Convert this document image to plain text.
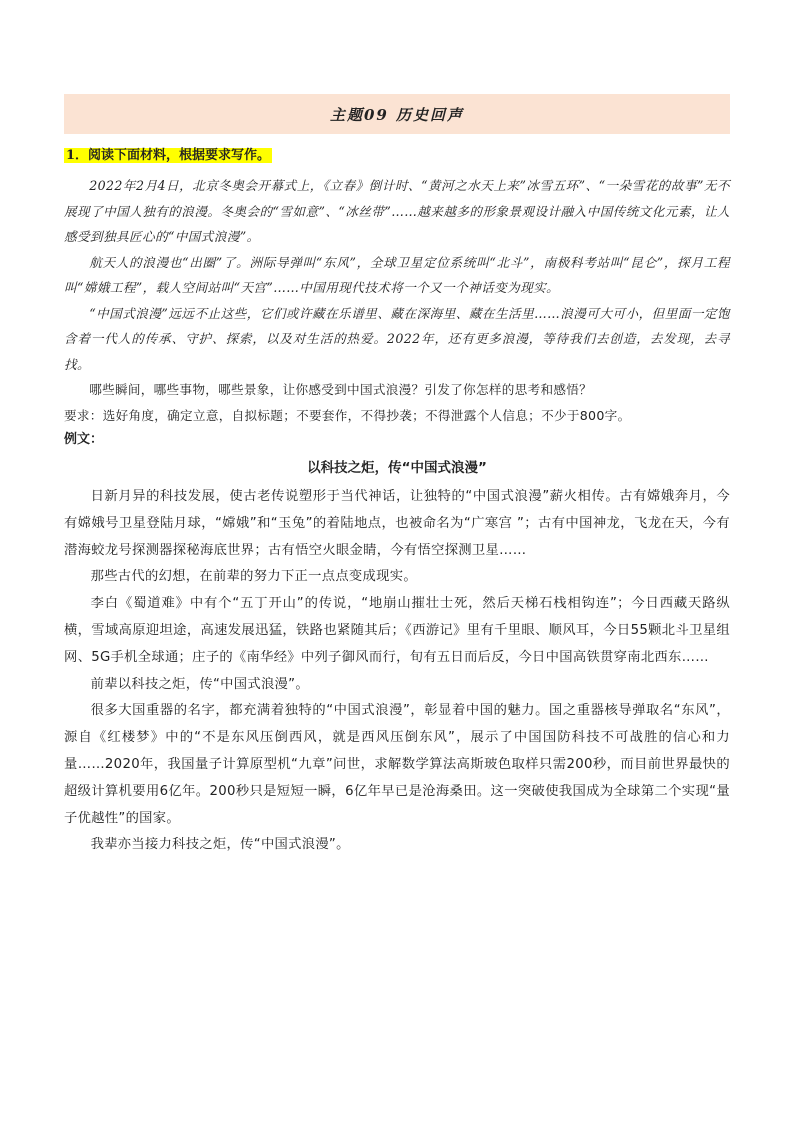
主题09 历史回声
1．阅读下面材料，根据要求写作。

2022年2月4日，北京冬奥会开幕式上，《立春》倒计时、“黄河之水天上来”冰雪五环”、“一朵雪花的故事”无不展现了中国人独有的浪漫。冬奥会的“雪如意”、“冰丝带”……越来越多的形象景观设计融入中国传统文化元素，让人感受到独具匠心的“中国式浪漫”。

航天人的浪漫也“出圈”了。洲际导弹叫“东风”，全球卫星定位系统叫“北斗”，南极科考站叫“昆仑”，探月工程叫“嫦娥工程”，载人空间站叫“天宫”……中国用现代技术将一个又一个神话变为现实。

“中国式浪漫”远远不止这些，它们或许藏在乐谱里、藏在深海里、藏在生活里……浪漫可大可小，但里面一定饱含着一代人的传承、守护、探索，以及对生活的热爱。2022年，还有更多浪漫，等待我们去创造，去发现，去寻找。

哪些瞬间，哪些事物，哪些景象，让你感受到中国式浪漫？引发了你怎样的思考和感悟？

要求：选好角度，确定立意，自拟标题；不要套作，不得抄袭；不得泄露个人信息；不少于800字。

例文：
以科技之炬，传“中国式浪漫”

日新月异的科技发展，使古老传说塑形于当代神话，让独特的“中国式浪漫”薪火相传。古有嫦娥奔月，今有嫦娥号卫星登陆月球，“嫦娥”和“玉兔”的着陆地点，也被命名为“广寒宫 ”；古有中国神龙，飞龙在天，今有潜海蛟龙号探测器探秘海底世界；古有悟空火眼金睛，今有悟空探测卫星……

那些古代的幻想，在前辈的努力下正一点点变成现实。

李白《蜀道难》中有个“五丁开山”的传说，“地崩山摧壮士死，然后天梯石栈相钩连”；今日西藏天路纵横，雪域高原迎坦途，高速发展迅猛，铁路也紧随其后；《西游记》里有千里眼、顺风耳，今日55颗北斗卫星组网、5G手机全球通；庄子的《南华经》中列子御风而行，旬有五日而后反，今日中国高铁贯穿南北西东……

前辈以科技之炬，传“中国式浪漫”。

很多大国重器的名字，都充满着独特的“中国式浪漫”，彰显着中国的魅力。国之重器核导弹取名“东风”，源自《红楼梦》中的“不是东风压倒西风，就是西风压倒东风”，展示了中国国防科技不可战胜的信心和力量……2020年，我国量子计算原型机“九章”问世，求解数学算法高斯玻色取样只需200秒，而目前世界最快的超级计算机要用6亿年。200秒只是短短一瞬，6亿年早已是沧海桑田。这一突破使我国成为全球第二个实现“量子优越性”的国家。

我辈亦当接力科技之炬，传“中国式浪漫”。
